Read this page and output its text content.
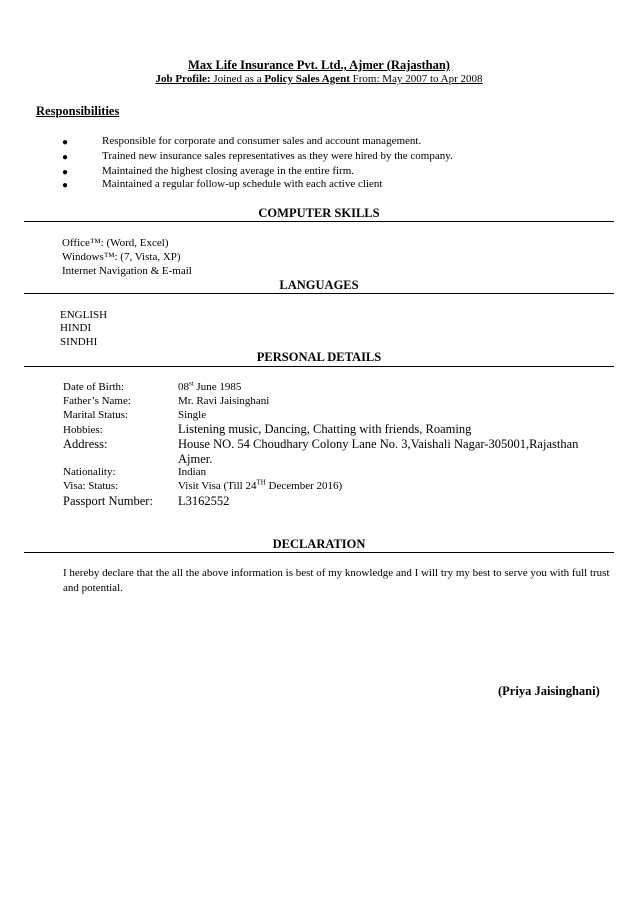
Max Life Insurance Pvt. Ltd., Ajmer (Rajasthan)
Job Profile: Joined as a Policy Sales Agent From: May 2007 to Apr 2008
Responsibilities
●	Responsible for corporate and consumer sales and account management.
●	Trained new insurance sales representatives as they were hired by the company.
●	Maintained the highest closing average in the entire firm.
●	Maintained a regular follow-up schedule with each active client
COMPUTER SKILLS
Office™: (Word, Excel)
Windows™: (7, Vista, XP)
Internet Navigation & E-mail
LANGUAGES
ENGLISH
HINDI
SINDHI
PERSONAL DETAILS
Date of Birth:	08st June 1985
Father’s Name:	Mr. Ravi Jaisinghani
Marital Status:	Single
Hobbies:	Listening music, Dancing, Chatting with friends, Roaming
Address:	House NO. 54 Choudhary Colony Lane No. 3,Vaishali Nagar-305001,Rajasthan
Ajmer.
Nationality:	Indian
Visa: Status:	Visit Visa (Till 24TH December 2016)
Passport Number: L3162552
DECLARATION
I hereby declare that the all the above information is best of my knowledge and I will try my best to serve you with full trust and potential.
(Priya Jaisinghani)
